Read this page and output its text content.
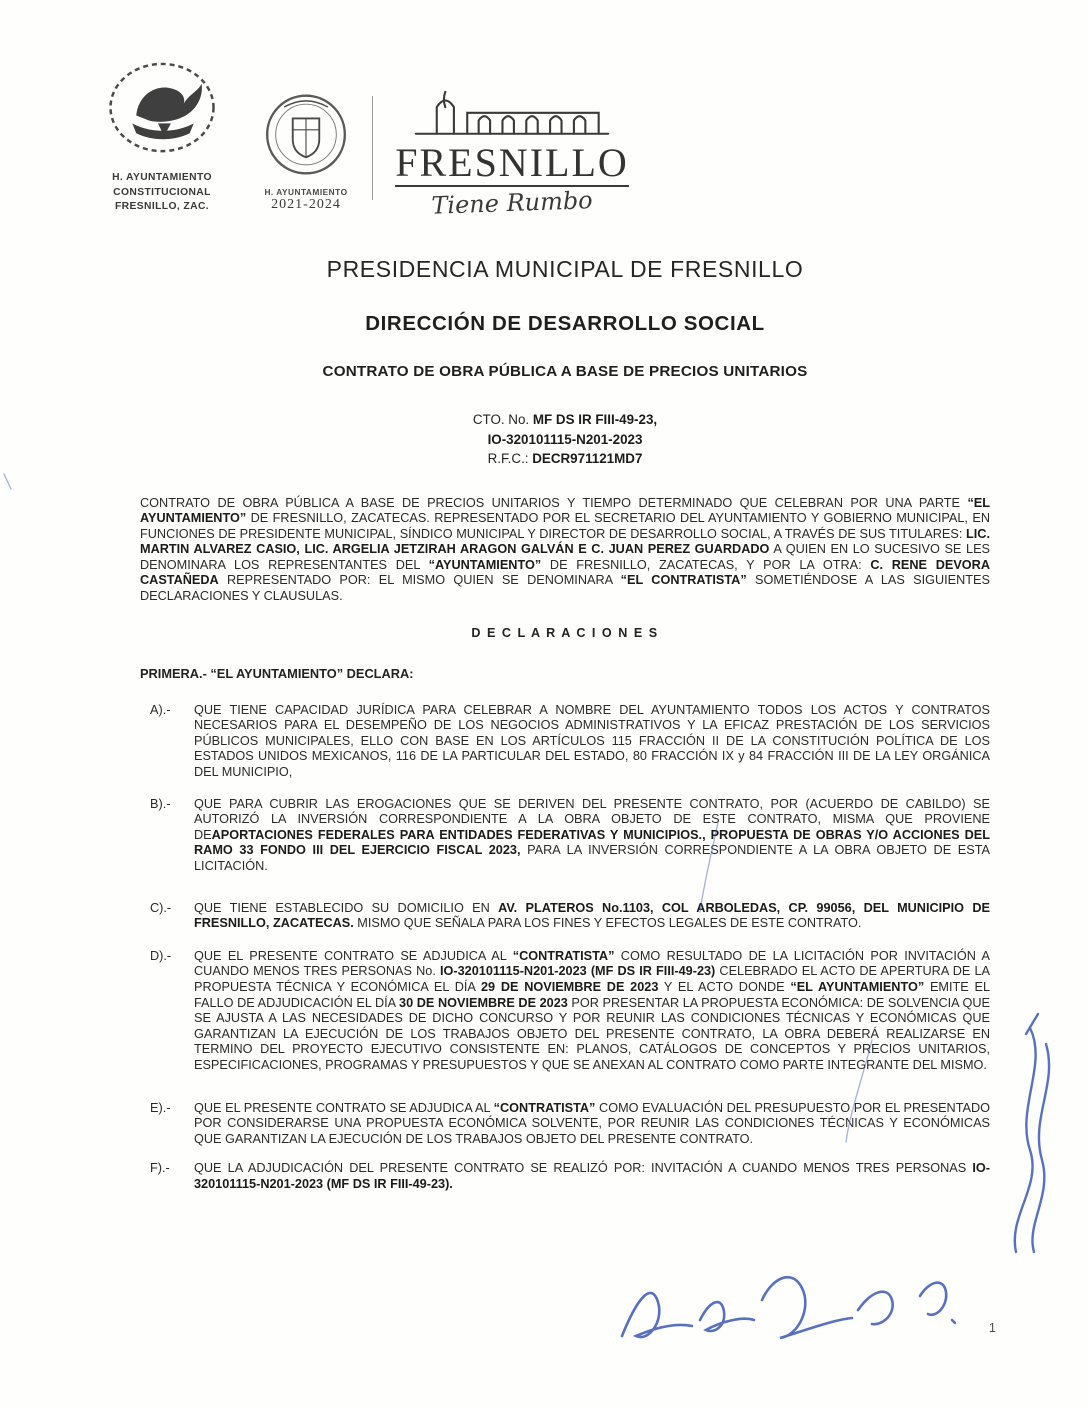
H. AYUNTAMIENTO
CONSTITUCIONAL
FRESNILLO, ZAC.
H. AYUNTAMIENTO
2021-2024
FRESNILLO
Tiene Rumbo
PRESIDENCIA MUNICIPAL DE FRESNILLO
DIRECCIÓN DE DESARROLLO SOCIAL
CONTRATO DE OBRA PÚBLICA A BASE DE PRECIOS UNITARIOS
CTO. No. MF DS IR FIII-49-23,
IO-320101115-N201-2023
R.F.C.: DECR971121MD7
CONTRATO DE OBRA PÚBLICA A BASE DE PRECIOS UNITARIOS Y TIEMPO DETERMINADO QUE CELEBRAN POR UNA PARTE “EL AYUNTAMIENTO” DE FRESNILLO, ZACATECAS. REPRESENTADO POR EL SECRETARIO DEL AYUNTAMIENTO Y GOBIERNO MUNICIPAL, EN FUNCIONES DE PRESIDENTE MUNICIPAL, SÍNDICO MUNICIPAL Y DIRECTOR DE DESARROLLO SOCIAL, A TRAVÉS DE SUS TITULARES: LIC. MARTIN ALVAREZ CASIO, LIC. ARGELIA JETZIRAH ARAGON GALVÁN E C. JUAN PEREZ GUARDADO A QUIEN EN LO SUCESIVO SE LES DENOMINARA LOS REPRESENTANTES DEL “AYUNTAMIENTO” DE FRESNILLO, ZACATECAS, Y POR LA OTRA: C. RENE DEVORA CASTAÑEDA REPRESENTADO POR: EL MISMO QUIEN SE DENOMINARA “EL CONTRATISTA” SOMETIÉNDOSE A LAS SIGUIENTES DECLARACIONES Y CLAUSULAS.
D E C L A R A C I O N E S
PRIMERA.- “EL AYUNTAMIENTO” DECLARA:
A).-	QUE TIENE CAPACIDAD JURÍDICA PARA CELEBRAR A NOMBRE DEL AYUNTAMIENTO TODOS LOS ACTOS Y CONTRATOS NECESARIOS PARA EL DESEMPEÑO DE LOS NEGOCIOS ADMINISTRATIVOS Y LA EFICAZ PRESTACIÓN DE LOS SERVICIOS PÚBLICOS MUNICIPALES, ELLO CON BASE EN LOS ARTÍCULOS 115 FRACCIÓN II DE LA CONSTITUCIÓN POLÍTICA DE LOS ESTADOS UNIDOS MEXICANOS, 116 DE LA PARTICULAR DEL ESTADO, 80 FRACCIÓN IX y 84 FRACCIÓN III DE LA LEY ORGÁNICA DEL MUNICIPIO,
B).-	QUE PARA CUBRIR LAS EROGACIONES QUE SE DERIVEN DEL PRESENTE CONTRATO, POR (ACUERDO DE CABILDO) SE AUTORIZÓ LA INVERSIÓN CORRESPONDIENTE A LA OBRA OBJETO DE ESTE CONTRATO, MISMA QUE PROVIENE DEAPORTACIONES FEDERALES PARA ENTIDADES FEDERATIVAS Y MUNICIPIOS., PROPUESTA DE OBRAS Y/O ACCIONES DEL RAMO 33 FONDO III DEL EJERCICIO FISCAL 2023, PARA LA INVERSIÓN CORRESPONDIENTE A LA OBRA OBJETO DE ESTA LICITACIÓN.
C).-	QUE TIENE ESTABLECIDO SU DOMICILIO EN AV. PLATEROS No.1103, COL ARBOLEDAS, CP. 99056, DEL MUNICIPIO DE FRESNILLO, ZACATECAS. MISMO QUE SEÑALA PARA LOS FINES Y EFECTOS LEGALES DE ESTE CONTRATO.
D).-	QUE EL PRESENTE CONTRATO SE ADJUDICA AL “CONTRATISTA” COMO RESULTADO DE LA LICITACIÓN POR INVITACIÓN A CUANDO MENOS TRES PERSONAS No. IO-320101115-N201-2023 (MF DS IR FIII-49-23) CELEBRADO EL ACTO DE APERTURA DE LA PROPUESTA TÉCNICA Y ECONÓMICA EL DÍA 29 DE NOVIEMBRE DE 2023 Y EL ACTO DONDE “EL AYUNTAMIENTO” EMITE EL FALLO DE ADJUDICACIÓN EL DÍA 30 DE NOVIEMBRE DE 2023 POR PRESENTAR LA PROPUESTA ECONÓMICA: DE SOLVENCIA QUE SE AJUSTA A LAS NECESIDADES DE DICHO CONCURSO Y POR REUNIR LAS CONDICIONES TÉCNICAS Y ECONÓMICAS QUE GARANTIZAN LA EJECUCIÓN DE LOS TRABAJOS OBJETO DEL PRESENTE CONTRATO, LA OBRA DEBERÁ REALIZARSE EN TERMINO DEL PROYECTO EJECUTIVO CONSISTENTE EN: PLANOS, CATÁLOGOS DE CONCEPTOS Y PRECIOS UNITARIOS, ESPECIFICACIONES, PROGRAMAS Y PRESUPUESTOS Y QUE SE ANEXAN AL CONTRATO COMO PARTE INTEGRANTE DEL MISMO.
E).-	QUE EL PRESENTE CONTRATO SE ADJUDICA AL “CONTRATISTA” COMO EVALUACIÓN DEL PRESUPUESTO POR EL PRESENTADO POR CONSIDERARSE UNA PROPUESTA ECONÓMICA SOLVENTE, POR REUNIR LAS CONDICIONES TÉCNICAS Y ECONÓMICAS QUE GARANTIZAN LA EJECUCIÓN DE LOS TRABAJOS OBJETO DEL PRESENTE CONTRATO.
F).-	QUE LA ADJUDICACIÓN DEL PRESENTE CONTRATO SE REALIZÓ POR: INVITACIÓN A CUANDO MENOS TRES PERSONAS IO-320101115-N201-2023 (MF DS IR FIII-49-23).
1
